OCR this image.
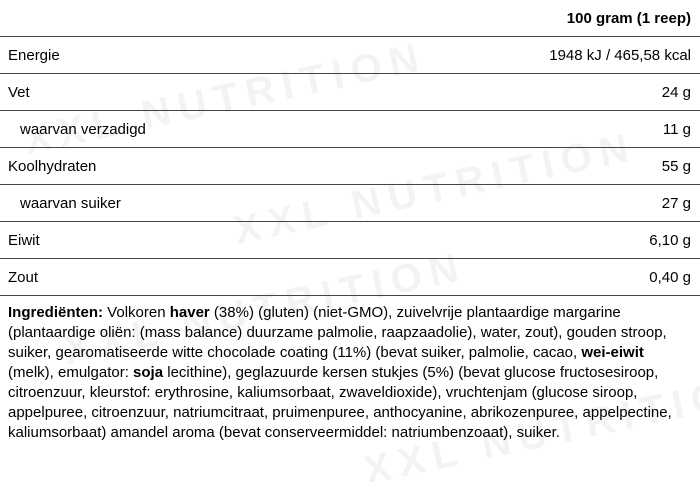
100 gram (1 reep)
Energie	1948 kJ / 465,58 kcal
Vet	24 g
waarvan verzadigd	11 g
Koolhydraten	55 g
waarvan suiker	27 g
Eiwit	6,10 g
Zout	0,40 g
Ingrediënten: Volkoren haver (38%) (gluten) (niet-GMO), zuivelvrije plantaardige margarine (plantaardige oliën: (mass balance) duurzame palmolie, raapzaadolie), water, zout), gouden stroop, suiker, gearomatiseerde witte chocolade coating (11%) (bevat suiker, palmolie, cacao, wei-eiwit (melk), emulgator: soja lecithine), geglazuurde kersen stukjes (5%) (bevat glucose fructosesiroop, citroenzuur, kleurstof: erythrosine, kaliumsorbaat, zwaveldioxide), vruchtenjam (glucose siroop, appelpuree, citroenzuur, natriumcitraat, pruimenpuree, anthocyanine, abrikozenpuree, appelpectine, kaliumsorbaat) amandel aroma (bevat conserveermiddel: natriumbenzoaat), suiker.
